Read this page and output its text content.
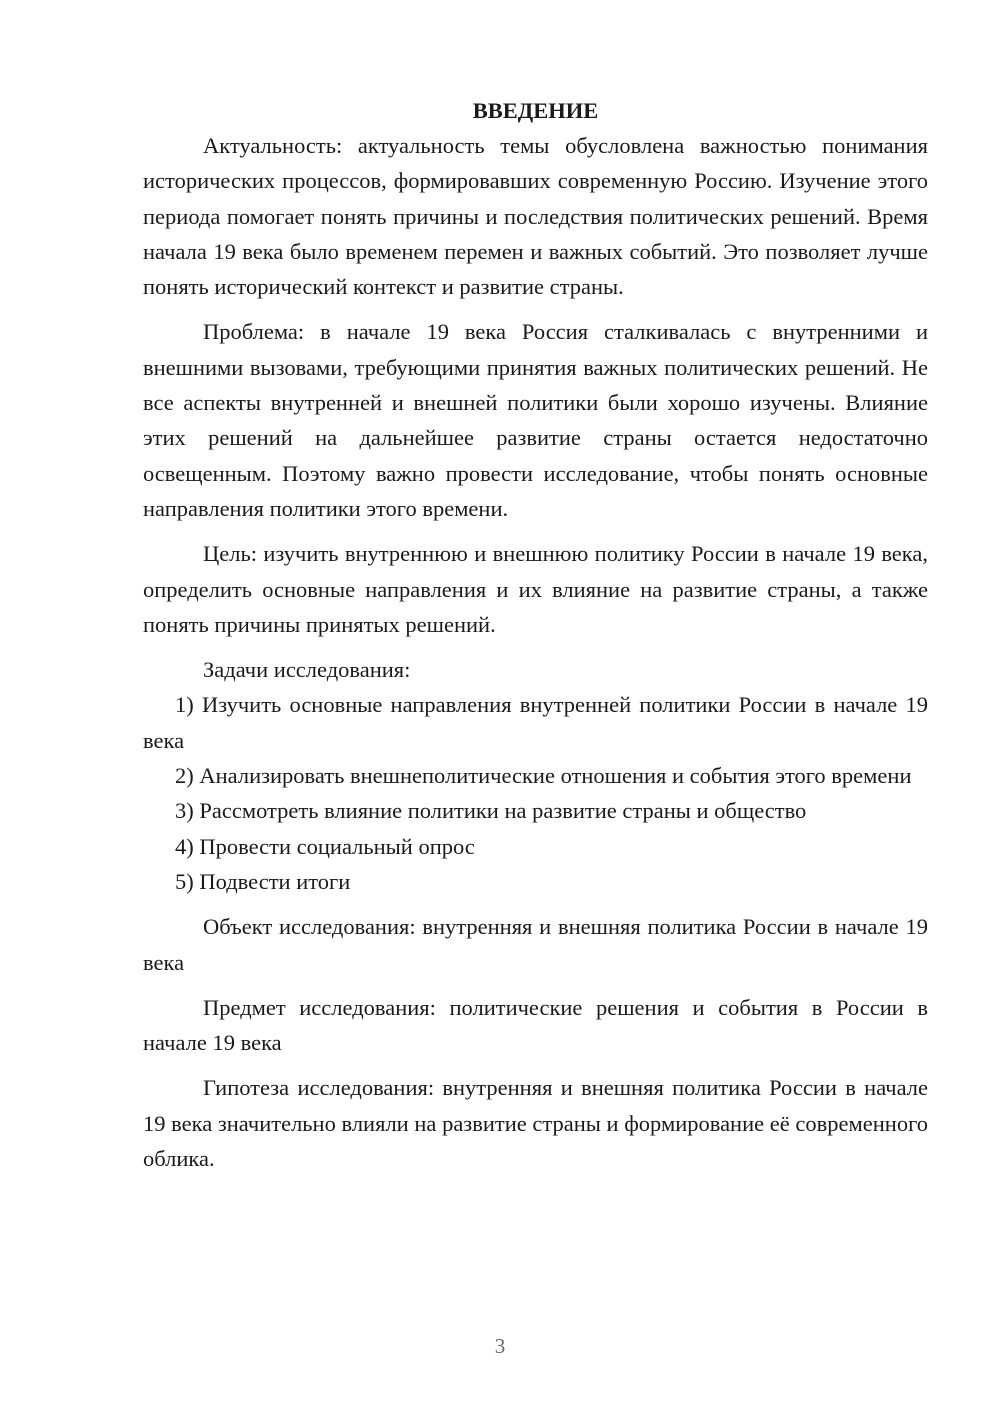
ВВЕДЕНИЕ

Актуальность: актуальность темы обусловлена важностью понимания исторических процессов, формировавших современную Россию. Изучение этого периода помогает понять причины и последствия политических решений. Время начала 19 века было временем перемен и важных событий. Это позволяет лучше понять исторический контекст и развитие страны.

Проблема: в начале 19 века Россия сталкивалась с внутренними и внешними вызовами, требующими принятия важных политических решений. Не все аспекты внутренней и внешней политики были хорошо изучены. Влияние этих решений на дальнейшее развитие страны остается недостаточно освещенным. Поэтому важно провести исследование, чтобы понять основные направления политики этого времени.

Цель: изучить внутреннюю и внешнюю политику России в начале 19 века, определить основные направления и их влияние на развитие страны, а также понять причины принятых решений.

Задачи исследования:

1) Изучить основные направления внутренней политики России в начале 19 века

2) Анализировать внешнеполитические отношения и события этого времени

3) Рассмотреть влияние политики на развитие страны и общество

4) Провести социальный опрос

5) Подвести итоги

Объект исследования: внутренняя и внешняя политика России в начале 19 века

Предмет исследования: политические решения и события в России в начале 19 века

Гипотеза исследования: внутренняя и внешняя политика России в начале 19 века значительно влияли на развитие страны и формирование её современного облика.

3
